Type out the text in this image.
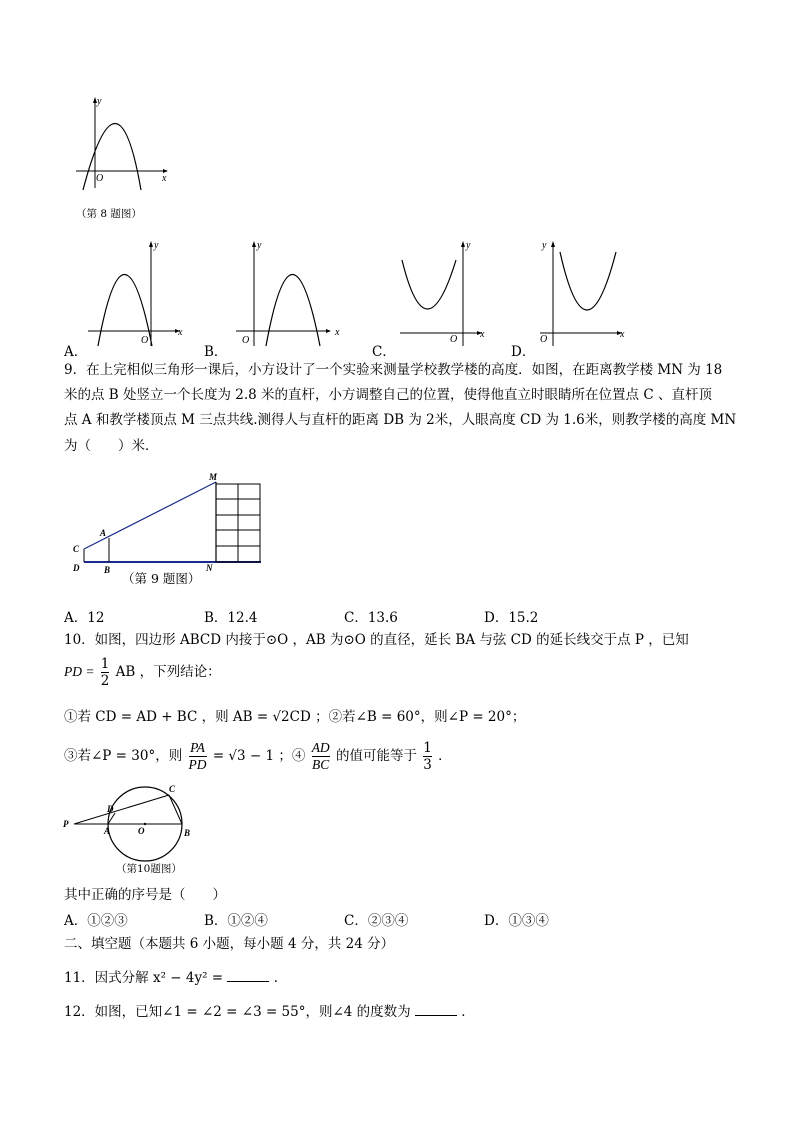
y
x
O
（第 8 题图）
y
x
O
A．
y
x
O
B．
y
x
O
C．
y
x
O
D．
9．在上完相似三角形一课后，小方设计了一个实验来测量学校教学楼的高度．如图，在距离教学楼 MN 为 18
米的点 B 处竖立一个长度为 2.8 米的直杆，小方调整自己的位置，使得他直立时眼睛所在位置点 C 、直杆顶
点 A 和教学楼顶点 M 三点共线.测得人与直杆的距离 DB 为 2米，人眼高度 CD 为 1.6米，则教学楼的高度 MN
为（　　）米．
M
A
C
D	B	N
（第 9 题图）
A．12	B．12.4	C．13.6	D．15.2
10．如图，四边形 ABCD 内接于⊙O ，AB 为⊙O 的直径，延长 BA 与弦 CD 的延长线交于点 P ，已知
PD = $\frac{1}{2}$ AB ，下列结论：
①若 CD = AD + BC ，则 AB = √2CD ；②若∠B = 60°，则∠P = 20°；
③若∠P = 30°，则 $\frac{PA}{PD} = √3 - 1$ ；④ $\frac{AD}{BC}$ 的值可能等于 $\frac{1}{3}$ ．
P
D
C
A	O	B
（第10题图）
其中正确的序号是（　　）
A．①②③	B．①②④	C．②③④	D．①③④
二、填空题（本题共 6 小题，每小题 4 分，共 24 分）
11．因式分解 x² − 4y² =	．
12．如图，已知∠1 = ∠2 = ∠3 = 55°，则∠4 的度数为	．
